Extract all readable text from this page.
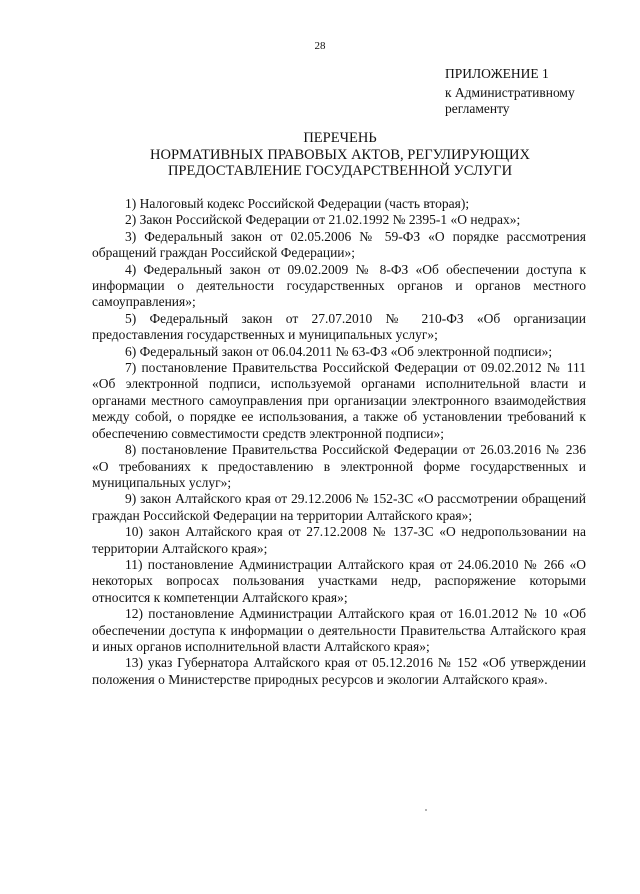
28
ПРИЛОЖЕНИЕ 1
к Административному
регламенту
ПЕРЕЧЕНЬ
НОРМАТИВНЫХ ПРАВОВЫХ АКТОВ, РЕГУЛИРУЮЩИХ
ПРЕДОСТАВЛЕНИЕ ГОСУДАРСТВЕННОЙ УСЛУГИ

1) Налоговый кодекс Российской Федерации (часть вторая);

2) Закон Российской Федерации от 21.02.1992 № 2395-1 «О недрах»;

3) Федеральный закон от 02.05.2006 № 59-ФЗ «О порядке рассмотрения обращений граждан Российской Федерации»;

4) Федеральный закон от 09.02.2009 № 8-ФЗ «Об обеспечении доступа к информации о деятельности государственных органов и органов местного самоуправления»;

5) Федеральный закон от 27.07.2010 № 210-ФЗ «Об организации предоставления государственных и муниципальных услуг»;

6) Федеральный закон от 06.04.2011 № 63-ФЗ «Об электронной подписи»;

7) постановление Правительства Российской Федерации от 09.02.2012 № 111 «Об электронной подписи, используемой органами исполнительной власти и органами местного самоуправления при организации электронного взаимодействия между собой, о порядке ее использования, а также об установлении требований к обеспечению совместимости средств электронной подписи»;

8) постановление Правительства Российской Федерации от 26.03.2016 № 236 «О требованиях к предоставлению в электронной форме государственных и муниципальных услуг»;

9) закон Алтайского края от 29.12.2006 № 152-ЗС «О рассмотрении обращений граждан Российской Федерации на территории Алтайского края»;

10) закон Алтайского края от 27.12.2008 № 137-ЗС «О недропользовании на территории Алтайского края»;

11) постановление Администрации Алтайского края от 24.06.2010 № 266 «О некоторых вопросах пользования участками недр, распоряжение которыми относится к компетенции Алтайского края»;

12) постановление Администрации Алтайского края от 16.01.2012 № 10 «Об обеспечении доступа к информации о деятельности Правительства Алтайского края и иных органов исполнительной власти Алтайского края»;

13) указ Губернатора Алтайского края от 05.12.2016 № 152 «Об утверждении положения о Министерстве природных ресурсов и экологии Алтайского края».
